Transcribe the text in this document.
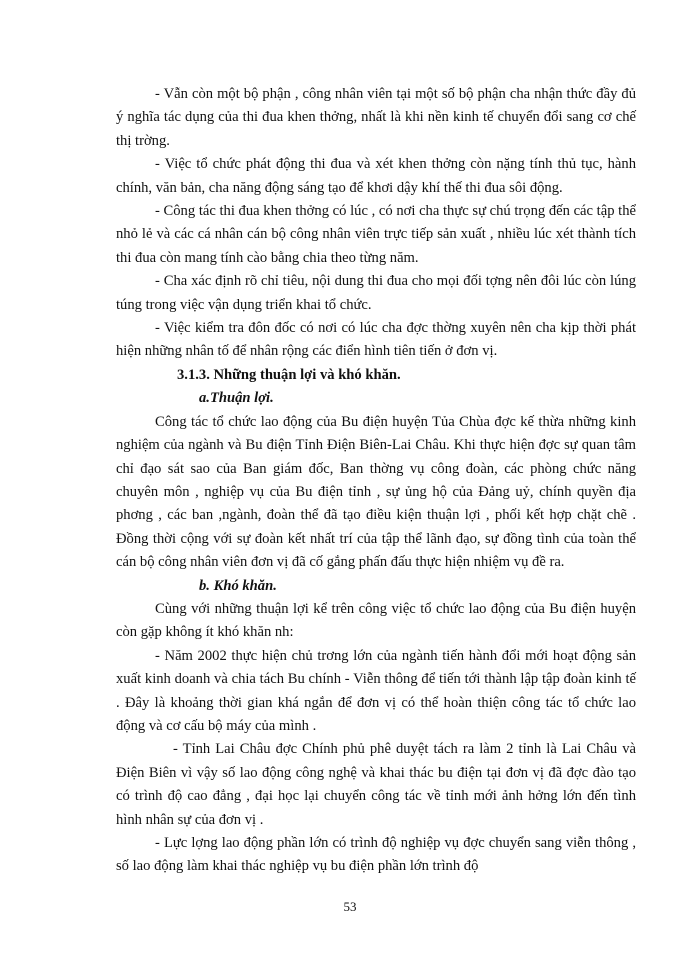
- Vẫn còn một bộ phận , công nhân viên tại một số bộ phận cha nhận thức đầy đủ ý nghĩa tác dụng của thi đua khen thởng, nhất là khi nền kinh tế chuyển đổi sang cơ chế thị trờng.

- Việc tổ chức phát động thi đua và xét khen thởng còn nặng tính thủ tục, hành chính, văn bản, cha năng động sáng tạo để khơi dậy khí thế thi đua sôi động.

- Công tác thi đua khen thởng có lúc , có nơi cha thực sự chú trọng đến các tập thể nhỏ lẻ và các cá nhân cán bộ công nhân viên trực tiếp sản xuất , nhiều lúc xét thành tích thi đua còn mang tính cào bằng chia theo từng năm.

- Cha xác định rõ chỉ tiêu, nội dung thi đua cho mọi đối tợng nên đôi lúc còn lúng túng trong việc vận dụng triển khai tổ chức.

- Việc kiểm tra đôn đốc có nơi có lúc cha đợc thờng xuyên nên cha kịp thời phát hiện những nhân tố để nhân rộng các điển hình tiên tiến ở đơn vị.

3.1.3. Những thuận lợi và khó khăn.

a.Thuận lợi.

Công tác tổ chức lao động của Bu điện huyện Tủa Chùa đợc kế thừa những kinh nghiệm của ngành và Bu điện Tỉnh Điện Biên-Lai Châu. Khi thực hiện đợc sự quan tâm chỉ đạo sát sao của Ban giám đốc, Ban thờng vụ công đoàn, các phòng chức năng chuyên môn , nghiệp vụ của Bu điện tỉnh , sự ủng hộ của Đảng uỷ, chính quyền địa phơng , các ban ,ngành, đoàn thể đã tạo điều kiện thuận lợi , phối kết hợp chặt chẽ . Đồng thời cộng với sự đoàn kết nhất trí của tập thể lãnh đạo, sự đồng tình của toàn thể cán bộ công nhân viên đơn vị đã cố gắng phấn đấu thực hiện nhiệm vụ đề ra.

b. Khó khăn.

Cùng với những thuận lợi kể trên công việc tổ chức lao động của Bu điện huyện còn gặp không ít khó khăn nh:

- Năm 2002 thực hiện chủ trơng lớn của ngành tiến hành đổi mới hoạt động sản xuất kinh doanh và chia tách Bu chính - Viễn thông để tiến tới thành lập tập đoàn kinh tế . Đây là khoảng thời gian khá ngắn để đơn vị có thể hoàn thiện công tác tổ chức lao động và cơ cấu bộ máy của mình .

- Tỉnh Lai Châu đợc Chính phủ phê duyệt tách ra làm 2 tỉnh là Lai Châu và Điện Biên vì vậy số lao động công nghệ và khai thác bu điện tại đơn vị đã đợc đào tạo có trình độ cao đẳng , đại học lại chuyển công tác về tỉnh mới ảnh hởng lớn đến tình hình nhân sự của đơn vị .

- Lực lợng lao động phần lớn có trình độ nghiệp vụ đợc chuyển sang viễn thông , số lao động làm khai thác nghiệp vụ bu điện phần lớn trình độ

53
